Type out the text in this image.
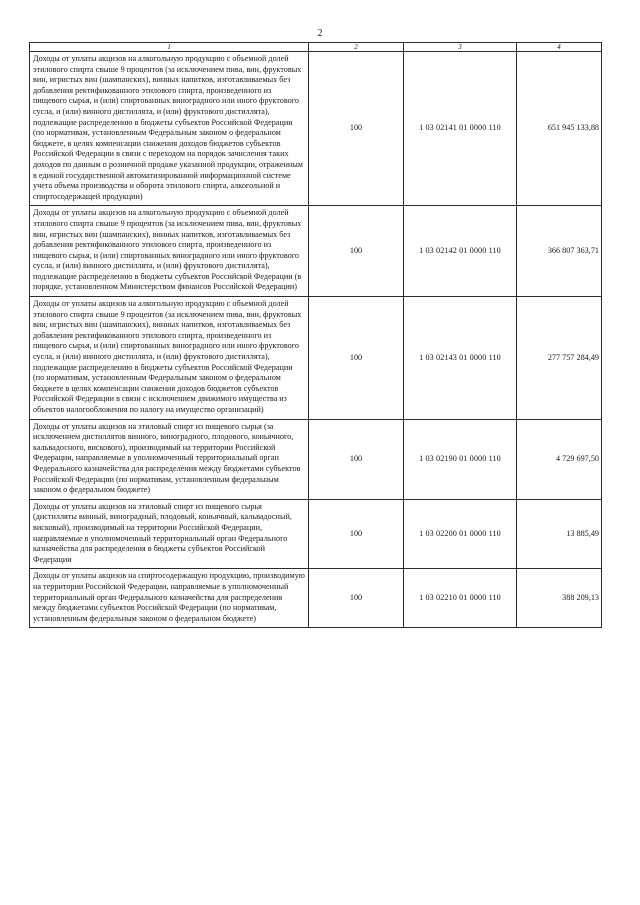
2
1	2	3	4
Доходы от уплаты акцизов на алкогольную продукцию с объемной долей этилового спирта свыше 9 процентов (за исключением пива, вин, фруктовых вин, игристых вин (шампанских), винных напитков, изготавливаемых без добавления ректификованного этилового спирта, произведенного из пищевого сырья, и (или) спиртованных виноградного или иного фруктового сусла, и (или) винного дистиллята, и (или) фруктового дистиллята), подлежащие распределению в бюджеты субъектов Российской Федерации (по нормативам, установленным Федеральным законом о федеральном бюджете, в целях компенсации снижения доходов бюджетов субъектов Российской Федерации в связи с переходом на порядок зачисления таких доходов по данным о розничной продаже указанной продукции, отраженным в единой государственной автоматизированной информационной системе учета объема производства и оборота этилового спирта, алкогольной и спиртосодержащей продукции)	100	1 03 02141 01 0000 110	651 945 133,88
Доходы от уплаты акцизов на алкогольную продукцию с объемной долей этилового спирта свыше 9 процентов (за исключением пива, вин, фруктовых вин, игристых вин (шампанских), винных напитков, изготавливаемых без добавления ректификованного этилового спирта, произведенного из пищевого сырья, и (или) спиртованных виноградного или иного фруктового сусла, и (или) винного дистиллята, и (или) фруктового дистиллята), подлежащие распределению в бюджеты субъектов Российской Федерации (в порядке, установленном Министерством финансов Российской Федерации)	100	1 03 02142 01 0000 110	366 807 363,71
Доходы от уплаты акцизов на алкогольную продукцию с объемной долей этилового спирта свыше 9 процентов (за исключением пива, вин, фруктовых вин, игристых вин (шампанских), винных напитков, изготавливаемых без добавления ректификованного этилового спирта, произведенного из пищевого сырья, и (или) спиртованных виноградного или иного фруктового сусла, и (или) винного дистиллята, и (или) фруктового дистиллята), подлежащие распределению в бюджеты субъектов Российской Федерации (по нормативам, установленным Федеральным законом о федеральном бюджете в целях компенсации снижения доходов бюджетов субъектов Российской Федерации в связи с исключением движимого имущества из объектов налогообложения по налогу на имущество организаций)	100	1 03 02143 01 0000 110	277 757 284,49
Доходы от уплаты акцизов на этиловый спирт из пищевого сырья (за исключением дистиллятов винного, виноградного, плодового, коньячного, кальвадосного, вискового), производимый на территории Российской Федерации, направляемые в уполномоченный территориальный орган Федерального казначейства для распределения между бюджетами субъектов Российской Федерации (по нормативам, установленным федеральным законом о федеральном бюджете)	100	1 03 02190 01 0000 110	4 729 697,50
Доходы от уплаты акцизов на этиловый спирт из пищевого сырья (дистилляты винный, виноградный, плодовый, коньячный, кальвадосный, висковый), производимый на территории Российской Федерации, направляемые в уполномоченный территориальный орган Федерального казначейства для распределения в бюджеты субъектов Российской Федерации	100	1 03 02200 01 0000 110	13 885,49
Доходы от уплаты акцизов на спиртосодержащую продукцию, производимую на территории Российской Федерации, направляемые в уполномоченный территориальный орган Федерального казначейства для распределения между бюджетами субъектов Российской Федерации (по нормативам, установленным федеральным законом о федеральном бюджете)	100	1 03 02210 01 0000 110	388 209,13
